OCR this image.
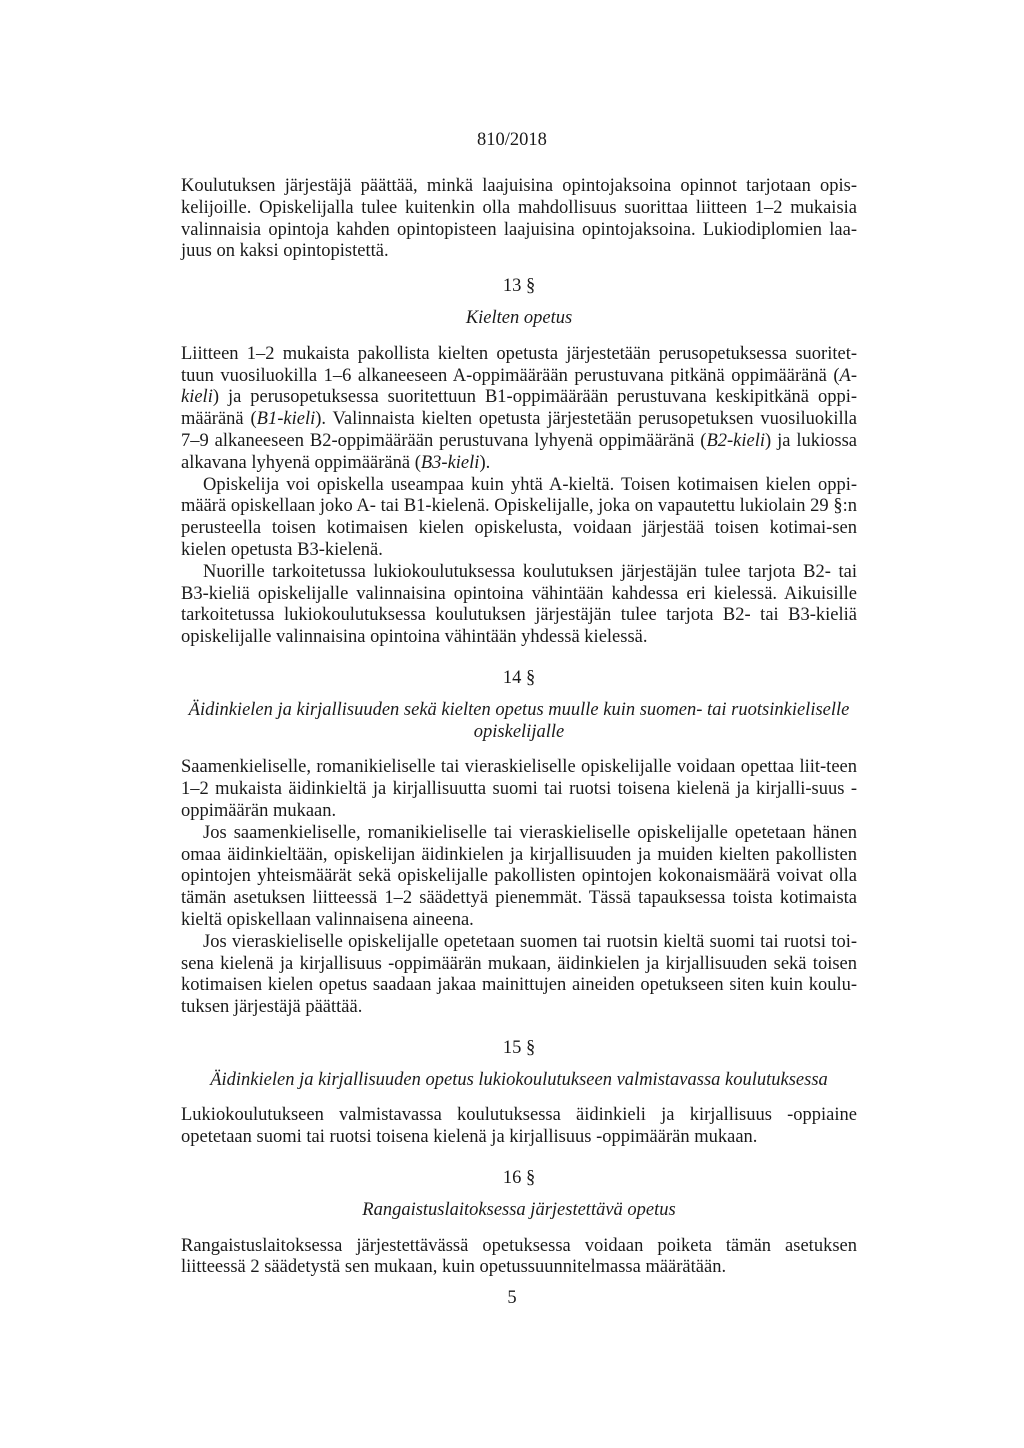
810/2018

Koulutuksen järjestäjä päättää, minkä laajuisina opintojaksoina opinnot tarjotaan opis-kelijoille. Opiskelijalla tulee kuitenkin olla mahdollisuus suorittaa liitteen 1–2 mukaisia valinnaisia opintoja kahden opintopisteen laajuisina opintojaksoina. Lukiodiplomien laa-juus on kaksi opintopistettä.

13 §

Kielten opetus

Liitteen 1–2 mukaista pakollista kielten opetusta järjestetään perusopetuksessa suoritet-tuun vuosiluokilla 1–6 alkaneeseen A-oppimäärään perustuvana pitkänä oppimääränä (A-kieli) ja perusopetuksessa suoritettuun B1-oppimäärään perustuvana keskipitkänä oppi-määränä (B1-kieli). Valinnaista kielten opetusta järjestetään perusopetuksen vuosiluokilla 7–9 alkaneeseen B2-oppimäärään perustuvana lyhyenä oppimääränä (B2-kieli) ja lukiossa alkavana lyhyenä oppimääränä (B3-kieli).

Opiskelija voi opiskella useampaa kuin yhtä A-kieltä. Toisen kotimaisen kielen oppi-määrä opiskellaan joko A- tai B1-kielenä. Opiskelijalle, joka on vapautettu lukiolain 29 §:n perusteella toisen kotimaisen kielen opiskelusta, voidaan järjestää toisen kotimai-sen kielen opetusta B3-kielenä.

Nuorille tarkoitetussa lukiokoulutuksessa koulutuksen järjestäjän tulee tarjota B2- tai B3-kieliä opiskelijalle valinnaisina opintoina vähintään kahdessa eri kielessä. Aikuisille tarkoitetussa lukiokoulutuksessa koulutuksen järjestäjän tulee tarjota B2- tai B3-kieliä opiskelijalle valinnaisina opintoina vähintään yhdessä kielessä.

14 §

Äidinkielen ja kirjallisuuden sekä kielten opetus muulle kuin suomen- tai ruotsinkieliselle

opiskelijalle

Saamenkieliselle, romanikieliselle tai vieraskieliselle opiskelijalle voidaan opettaa liit-teen 1–2 mukaista äidinkieltä ja kirjallisuutta suomi tai ruotsi toisena kielenä ja kirjalli-suus -oppimäärän mukaan.

Jos saamenkieliselle, romanikieliselle tai vieraskieliselle opiskelijalle opetetaan hänen omaa äidinkieltään, opiskelijan äidinkielen ja kirjallisuuden ja muiden kielten pakollisten opintojen yhteismäärät sekä opiskelijalle pakollisten opintojen kokonaismäärä voivat olla tämän asetuksen liitteessä 1–2 säädettyä pienemmät. Tässä tapauksessa toista kotimaista kieltä opiskellaan valinnaisena aineena.

Jos vieraskieliselle opiskelijalle opetetaan suomen tai ruotsin kieltä suomi tai ruotsi toi-sena kielenä ja kirjallisuus -oppimäärän mukaan, äidinkielen ja kirjallisuuden sekä toisen kotimaisen kielen opetus saadaan jakaa mainittujen aineiden opetukseen siten kuin koulu-tuksen järjestäjä päättää.

15 §

Äidinkielen ja kirjallisuuden opetus lukiokoulutukseen valmistavassa koulutuksessa

Lukiokoulutukseen valmistavassa koulutuksessa äidinkieli ja kirjallisuus -oppiaine opetetaan suomi tai ruotsi toisena kielenä ja kirjallisuus -oppimäärän mukaan.

16 §

Rangaistuslaitoksessa järjestettävä opetus

Rangaistuslaitoksessa järjestettävässä opetuksessa voidaan poiketa tämän asetuksen liitteessä 2 säädetystä sen mukaan, kuin opetussuunnitelmassa määrätään.

5
